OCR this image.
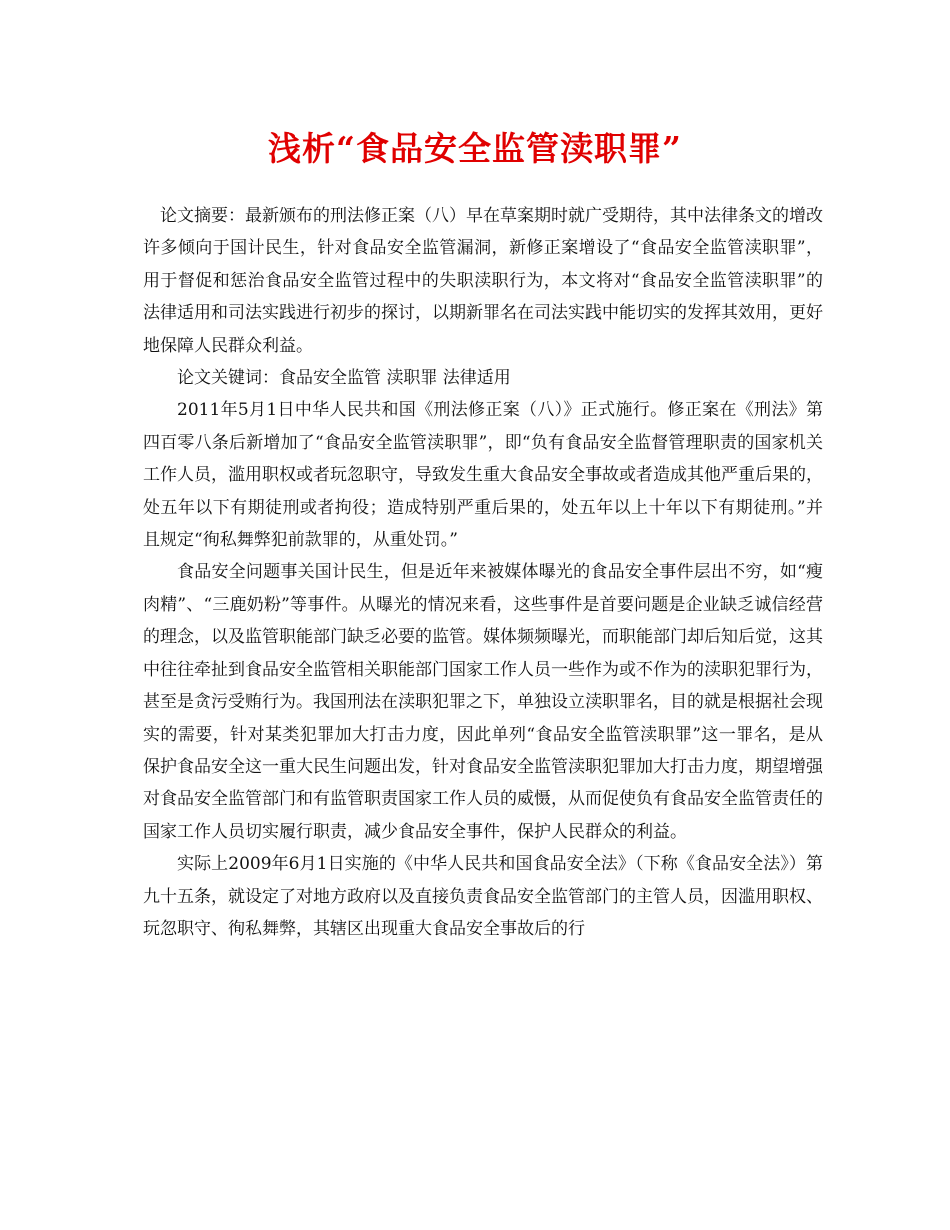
浅析“食品安全监管渎职罪”

论文摘要：最新颁布的刑法修正案（八）早在草案期时就广受期待，其中法律条文的增改许多倾向于国计民生，针对食品安全监管漏洞，新修正案增设了“食品安全监管渎职罪”，用于督促和惩治食品安全监管过程中的失职渎职行为，本文将对“食品安全监管渎职罪”的法律适用和司法实践进行初步的探讨，以期新罪名在司法实践中能切实的发挥其效用，更好地保障人民群众利益。

论文关键词：食品安全监管 渎职罪 法律适用

2011年5月1日中华人民共和国《刑法修正案（八）》正式施行。修正案在《刑法》第四百零八条后新增加了“食品安全监管渎职罪”，即“负有食品安全监督管理职责的国家机关工作人员，滥用职权或者玩忽职守，导致发生重大食品安全事故或者造成其他严重后果的，处五年以下有期徒刑或者拘役；造成特别严重后果的，处五年以上十年以下有期徒刑。”并且规定“徇私舞弊犯前款罪的，从重处罚。”

食品安全问题事关国计民生，但是近年来被媒体曝光的食品安全事件层出不穷，如“瘦肉精”、“三鹿奶粉”等事件。从曝光的情况来看，这些事件是首要问题是企业缺乏诚信经营的理念，以及监管职能部门缺乏必要的监管。媒体频频曝光，而职能部门却后知后觉，这其中往往牵扯到食品安全监管相关职能部门国家工作人员一些作为或不作为的渎职犯罪行为，甚至是贪污受贿行为。我国刑法在渎职犯罪之下，单独设立渎职罪名，目的就是根据社会现实的需要，针对某类犯罪加大打击力度，因此单列“食品安全监管渎职罪”这一罪名，是从保护食品安全这一重大民生问题出发，针对食品安全监管渎职犯罪加大打击力度，期望增强对食品安全监管部门和有监管职责国家工作人员的威慑，从而促使负有食品安全监管责任的国家工作人员切实履行职责，减少食品安全事件，保护人民群众的利益。

实际上2009年6月1日实施的《中华人民共和国食品安全法》（下称《食品安全法》）第九十五条，就设定了对地方政府以及直接负责食品安全监管部门的主管人员，因滥用职权、玩忽职守、徇私舞弊，其辖区出现重大食品安全事故后的行
